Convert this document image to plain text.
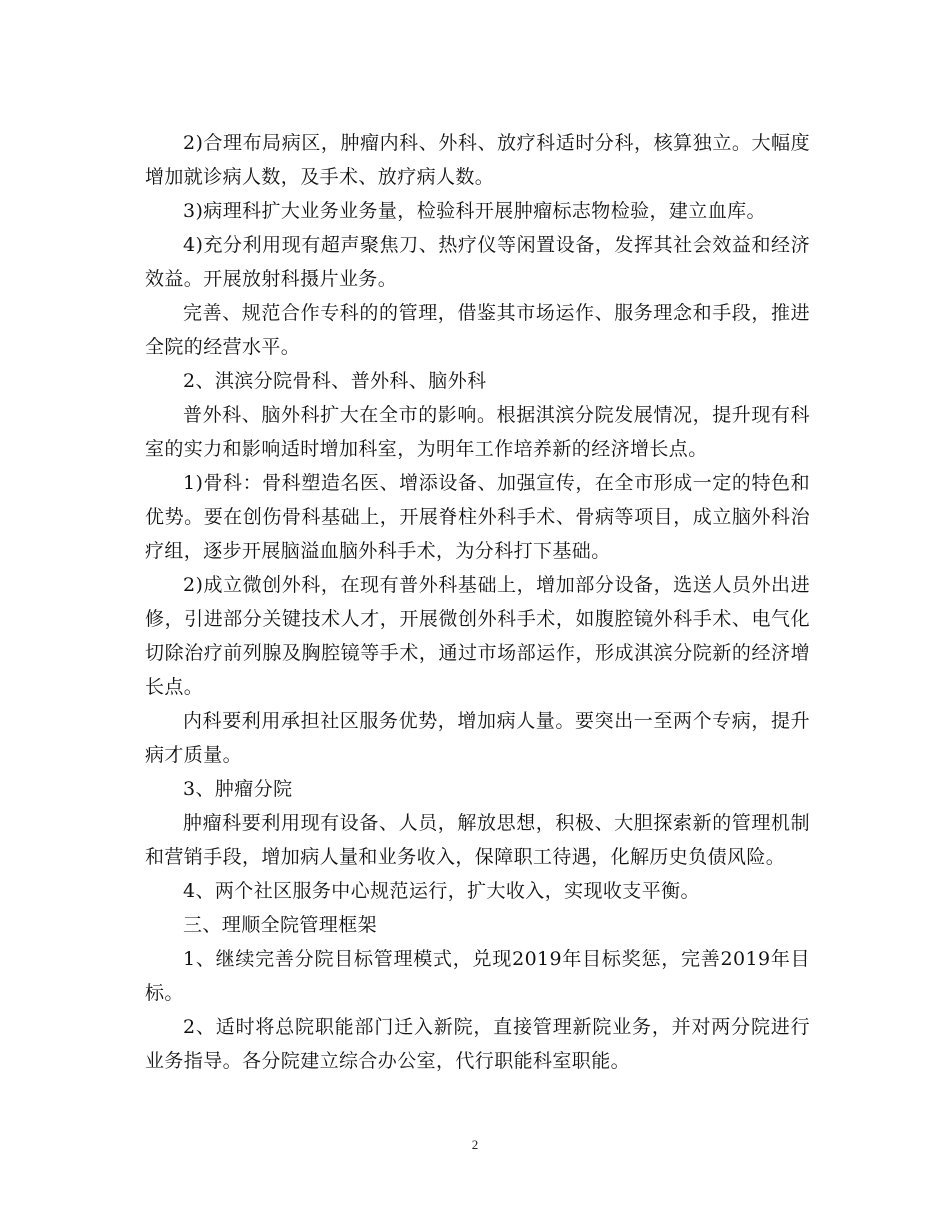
2)合理布局病区，肿瘤内科、外科、放疗科适时分科，核算独立。大幅度增加就诊病人数，及手术、放疗病人数。

3)病理科扩大业务业务量，检验科开展肿瘤标志物检验，建立血库。

4)充分利用现有超声聚焦刀、热疗仪等闲置设备，发挥其社会效益和经济效益。开展放射科摄片业务。

完善、规范合作专科的的管理，借鉴其市场运作、服务理念和手段，推进全院的经营水平。

2、淇滨分院骨科、普外科、脑外科

普外科、脑外科扩大在全市的影响。根据淇滨分院发展情况，提升现有科室的实力和影响适时增加科室，为明年工作培养新的经济增长点。

1)骨科：骨科塑造名医、增添设备、加强宣传，在全市形成一定的特色和优势。要在创伤骨科基础上，开展脊柱外科手术、骨病等项目，成立脑外科治疗组，逐步开展脑溢血脑外科手术，为分科打下基础。

2)成立微创外科，在现有普外科基础上，增加部分设备，选送人员外出进修，引进部分关键技术人才，开展微创外科手术，如腹腔镜外科手术、电气化切除治疗前列腺及胸腔镜等手术，通过市场部运作，形成淇滨分院新的经济增长点。

内科要利用承担社区服务优势，增加病人量。要突出一至两个专病，提升病才质量。

3、肿瘤分院

肿瘤科要利用现有设备、人员，解放思想，积极、大胆探索新的管理机制和营销手段，增加病人量和业务收入，保障职工待遇，化解历史负债风险。

4、两个社区服务中心规范运行，扩大收入，实现收支平衡。

三、理顺全院管理框架

1、继续完善分院目标管理模式，兑现2019年目标奖惩，完善2019年目标。

2、适时将总院职能部门迁入新院，直接管理新院业务，并对两分院进行业务指导。各分院建立综合办公室，代行职能科室职能。

2
